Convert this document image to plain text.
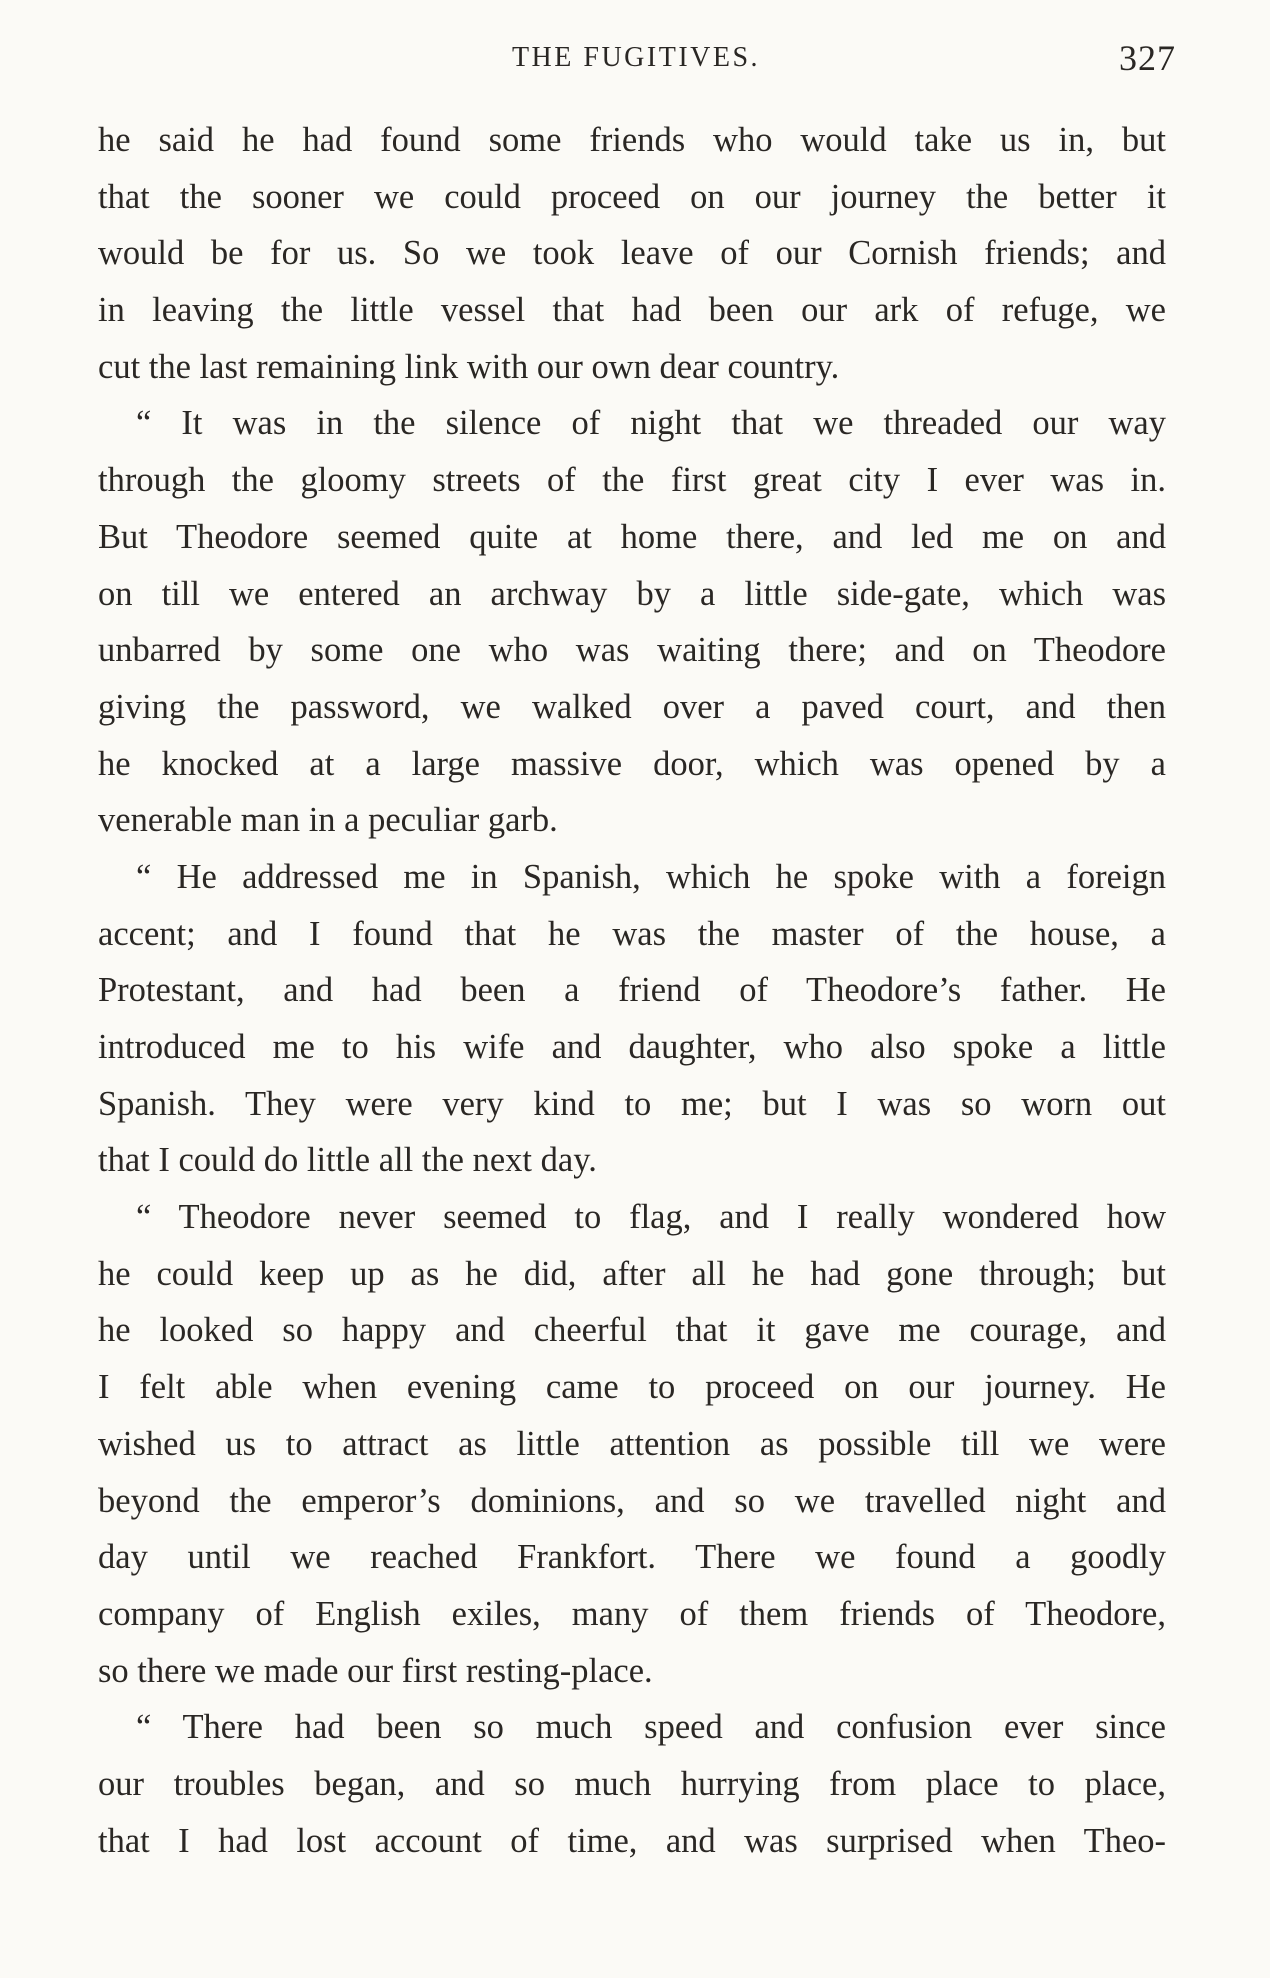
THE FUGITIVES.	327
he said he had found some friends who would take us in, but
that the sooner we could proceed on our journey the better it
would be for us. So we took leave of our Cornish friends; and
in leaving the little vessel that had been our ark of refuge, we
cut the last remaining link with our own dear country.
“ It was in the silence of night that we threaded our way
through the gloomy streets of the first great city I ever was in.
But Theodore seemed quite at home there, and led me on and
on till we entered an archway by a little side-gate, which was
unbarred by some one who was waiting there; and on Theodore
giving the password, we walked over a paved court, and then
he knocked at a large massive door, which was opened by a
venerable man in a peculiar garb.
“ He addressed me in Spanish, which he spoke with a foreign
accent; and I found that he was the master of the house, a
Protestant, and had been a friend of Theodore’s father. He
introduced me to his wife and daughter, who also spoke a little
Spanish. They were very kind to me; but I was so worn out
that I could do little all the next day.
“ Theodore never seemed to flag, and I really wondered how
he could keep up as he did, after all he had gone through; but
he looked so happy and cheerful that it gave me courage, and
I felt able when evening came to proceed on our journey. He
wished us to attract as little attention as possible till we were
beyond the emperor’s dominions, and so we travelled night and
day until we reached Frankfort. There we found a goodly
company of English exiles, many of them friends of Theodore,
so there we made our first resting-place.
“ There had been so much speed and confusion ever since
our troubles began, and so much hurrying from place to place,
that I had lost account of time, and was surprised when Theo-
